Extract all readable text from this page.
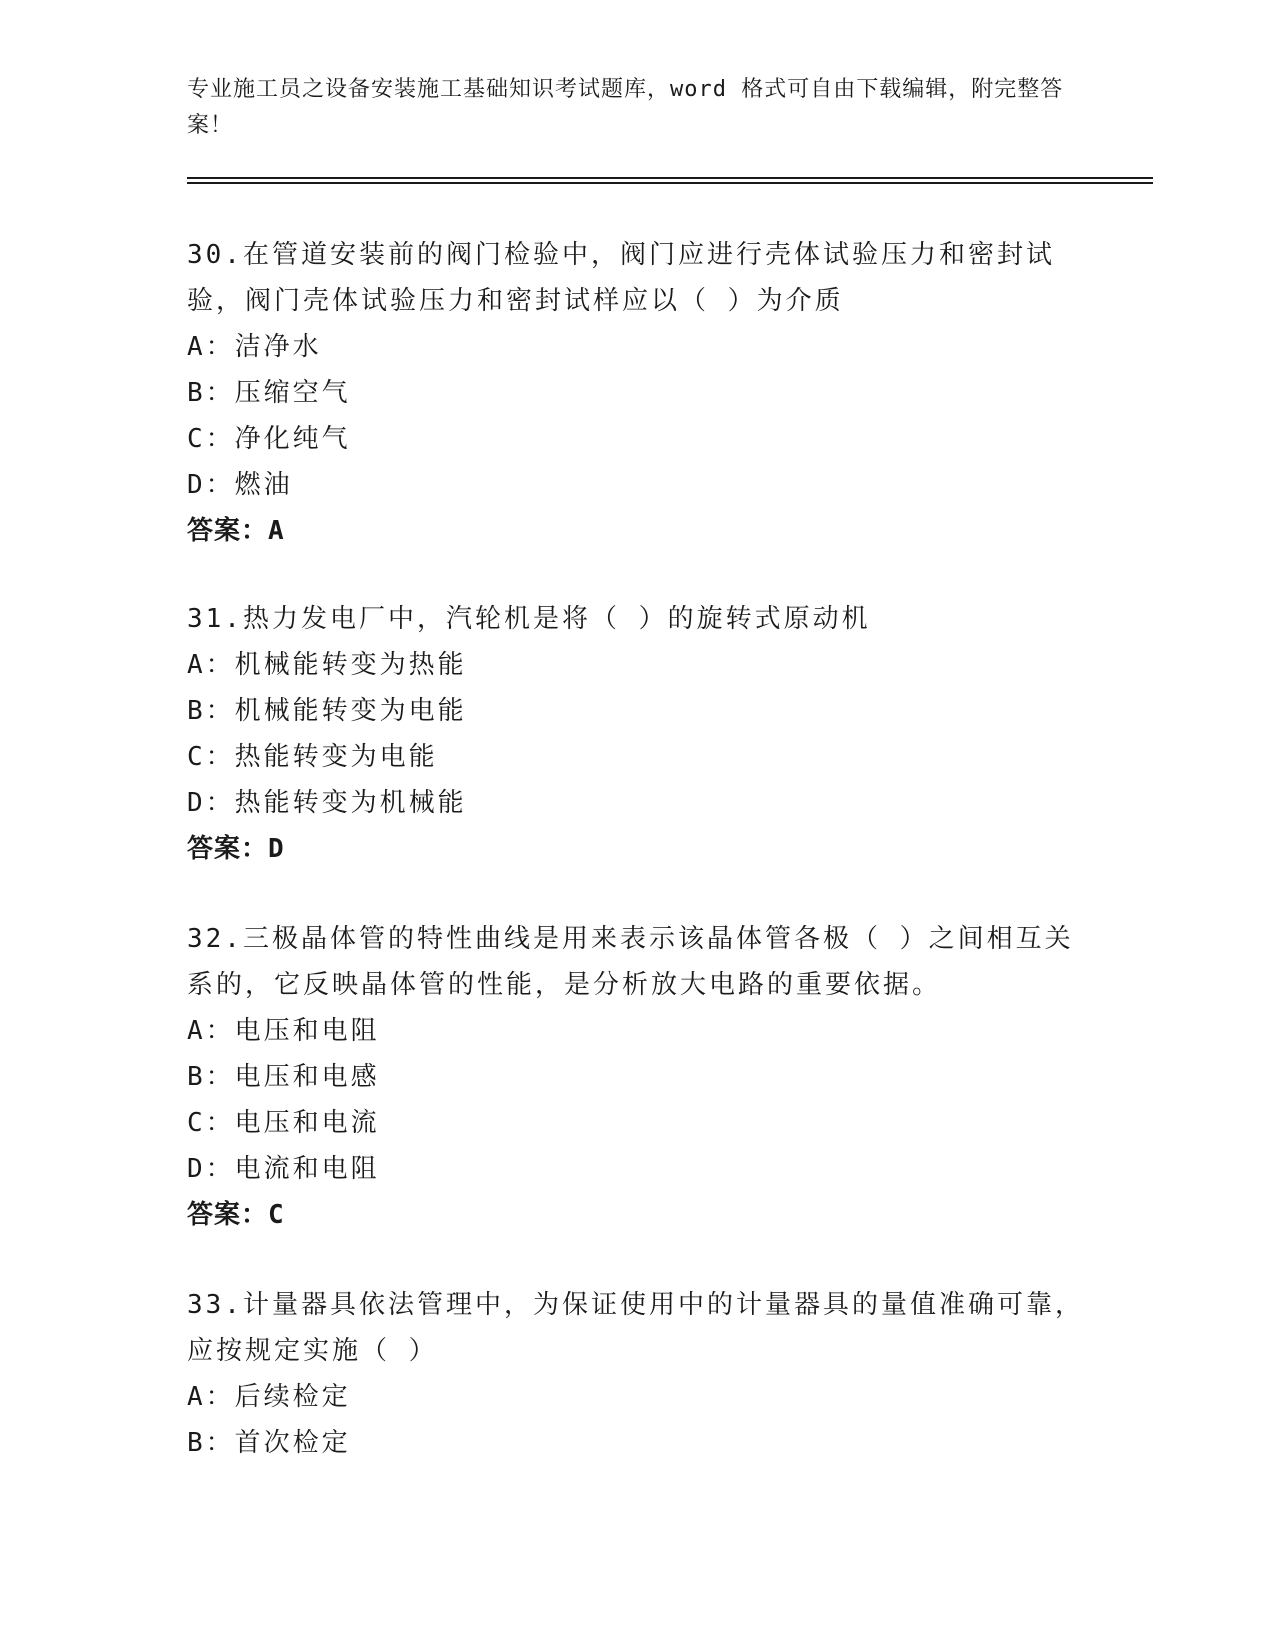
专业施工员之设备安装施工基础知识考试题库，word 格式可自由下载编辑，附完整答案！
30.在管道安装前的阀门检验中，阀门应进行壳体试验压力和密封试验，阀门壳体试验压力和密封试样应以（ ）为介质
A：洁净水
B：压缩空气
C：净化纯气
D：燃油
答案：A
31.热力发电厂中，汽轮机是将（ ）的旋转式原动机
A：机械能转变为热能
B：机械能转变为电能
C：热能转变为电能
D：热能转变为机械能
答案：D
32.三极晶体管的特性曲线是用来表示该晶体管各极（ ）之间相互关系的，它反映晶体管的性能，是分析放大电路的重要依据。
A：电压和电阻
B：电压和电感
C：电压和电流
D：电流和电阻
答案：C
33.计量器具依法管理中，为保证使用中的计量器具的量值准确可靠，应按规定实施（ ）
A：后续检定
B：首次检定
